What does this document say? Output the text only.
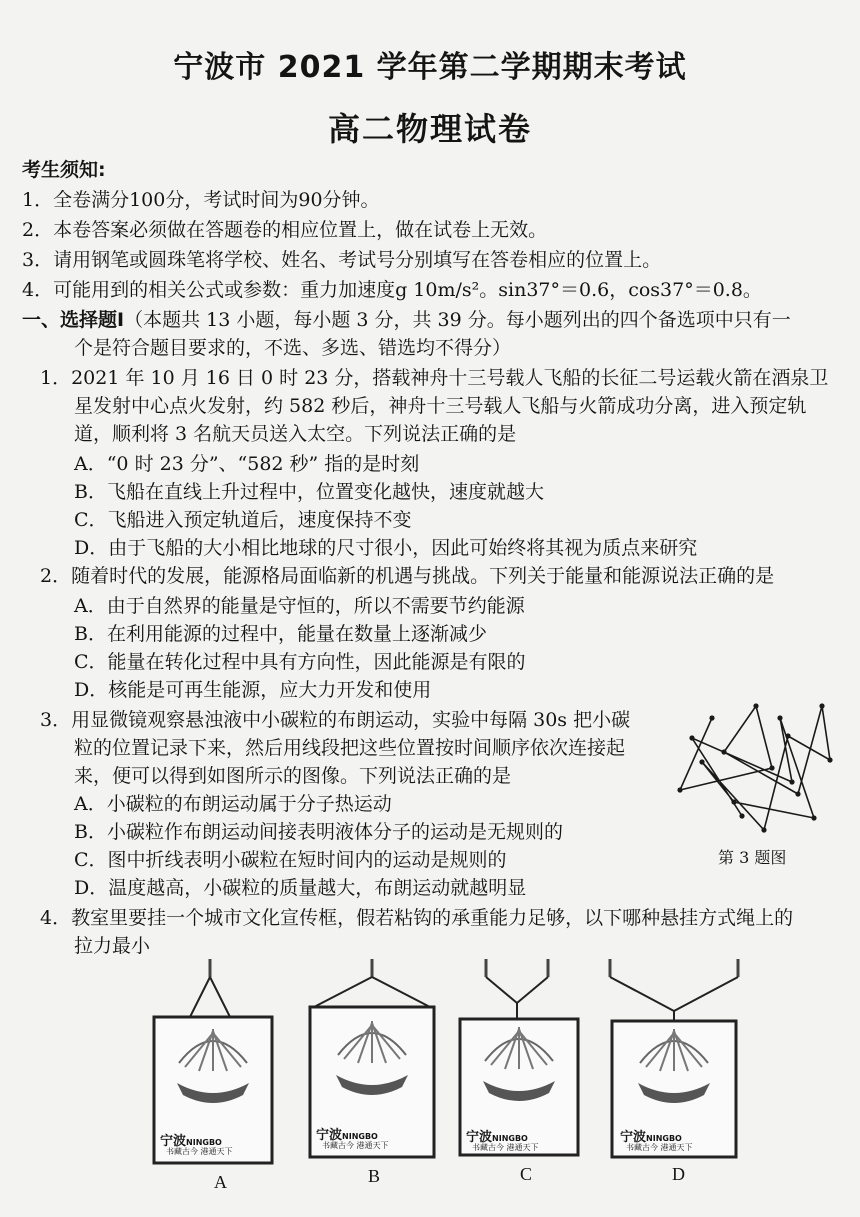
宁波市 2021 学年第二学期期末考试
高二物理试卷
考生须知:
1．全卷满分100分，考试时间为90分钟。
2．本卷答案必须做在答题卷的相应位置上，做在试卷上无效。
3．请用钢笔或圆珠笔将学校、姓名、考试号分别填写在答卷相应的位置上。
4．可能用到的相关公式或参数：重力加速度g 10m/s²。sin37°＝0.6，cos37°＝0.8。
一、选择题Ⅰ（本题共 13 小题，每小题 3 分，共 39 分。每小题列出的四个备选项中只有一
个是符合题目要求的，不选、多选、错选均不得分）
1．2021 年 10 月 16 日 0 时 23 分，搭载神舟十三号载人飞船的长征二号运载火箭在酒泉卫
星发射中心点火发射，约 582 秒后，神舟十三号载人飞船与火箭成功分离，进入预定轨
道，顺利将 3 名航天员送入太空。下列说法正确的是
A．“0 时 23 分”、“582 秒” 指的是时刻
B．飞船在直线上升过程中，位置变化越快，速度就越大
C．飞船进入预定轨道后，速度保持不变
D．由于飞船的大小相比地球的尺寸很小，因此可始终将其视为质点来研究
2．随着时代的发展，能源格局面临新的机遇与挑战。下列关于能量和能源说法正确的是
A．由于自然界的能量是守恒的，所以不需要节约能源
B．在利用能源的过程中，能量在数量上逐渐减少
C．能量在转化过程中具有方向性，因此能源是有限的
D．核能是可再生能源，应大力开发和使用
3．用显微镜观察悬浊液中小碳粒的布朗运动，实验中每隔 30s 把小碳
粒的位置记录下来，然后用线段把这些位置按时间顺序依次连接起
来，便可以得到如图所示的图像。下列说法正确的是
A．小碳粒的布朗运动属于分子热运动
B．小碳粒作布朗运动间接表明液体分子的运动是无规则的
C．图中折线表明小碳粒在短时间内的运动是规则的
D．温度越高，小碳粒的质量越大，布朗运动就越明显
第 3 题图
4．教室里要挂一个城市文化宣传框，假若粘钩的承重能力足够，以下哪种悬挂方式绳上的
拉力最小
宁波NINGBO	宁波NINGBO	宁波NINGBO	宁波NINGBO
书藏古今 港通天下
书藏古今 港通天下	书藏古今 港通天下	书藏古今 港通天下
A	B	C	D
